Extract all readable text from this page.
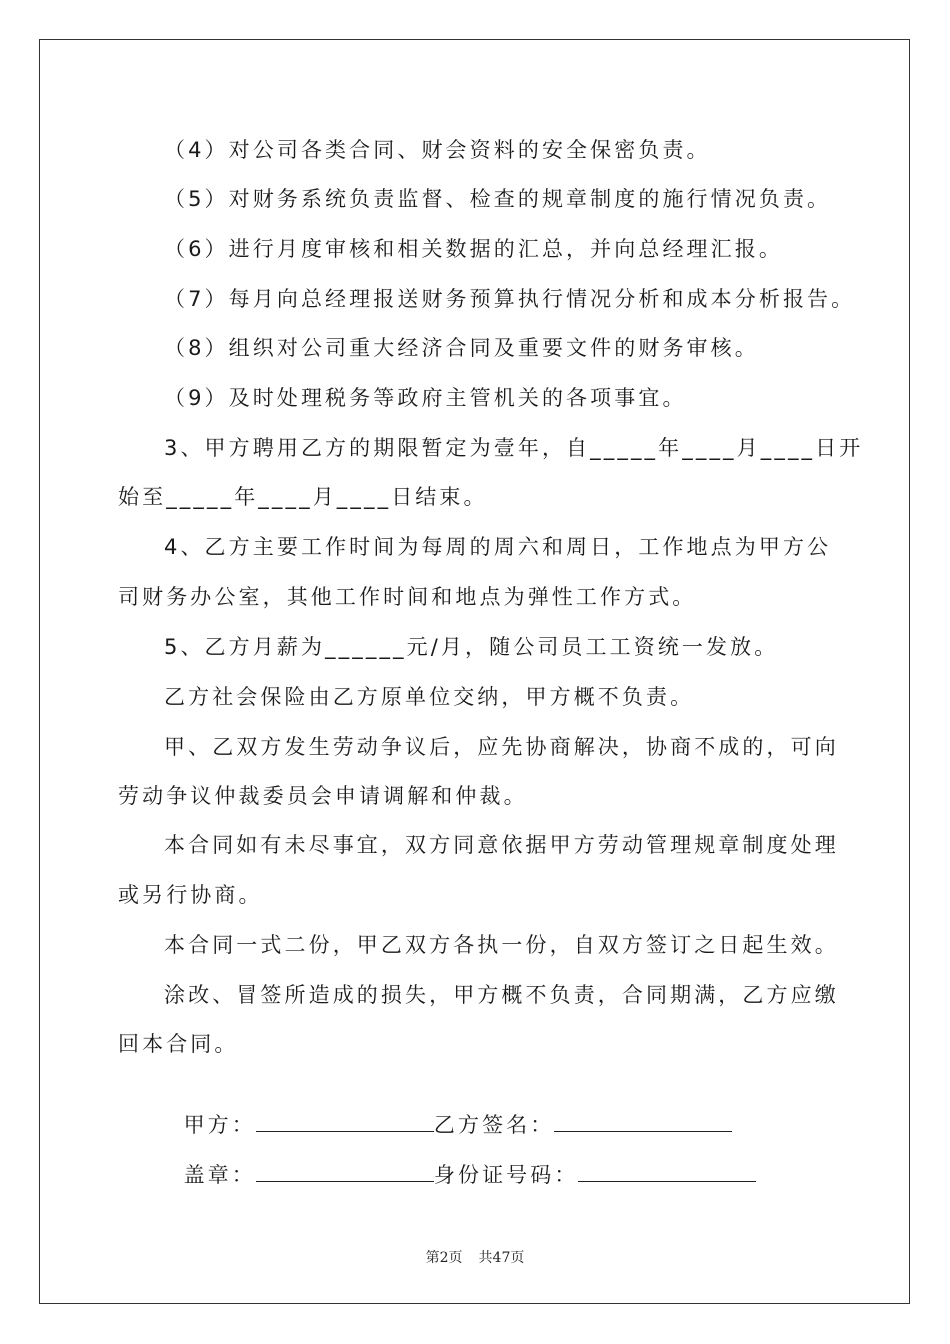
（4）对公司各类合同、财会资料的安全保密负责。
（5）对财务系统负责监督、检查的规章制度的施行情况负责。
（6）进行月度审核和相关数据的汇总，并向总经理汇报。
（7）每月向总经理报送财务预算执行情况分析和成本分析报告。
（8）组织对公司重大经济合同及重要文件的财务审核。
（9）及时处理税务等政府主管机关的各项事宜。
3、甲方聘用乙方的期限暂定为壹年，自_____年____月____日开
始至_____年____月____日结束。
4、乙方主要工作时间为每周的周六和周日，工作地点为甲方公
司财务办公室，其他工作时间和地点为弹性工作方式。
5、乙方月薪为______元/月，随公司员工工资统一发放。
乙方社会保险由乙方原单位交纳，甲方概不负责。
甲、乙双方发生劳动争议后，应先协商解决，协商不成的，可向
劳动争议仲裁委员会申请调解和仲裁。
本合同如有未尽事宜，双方同意依据甲方劳动管理规章制度处理
或另行协商。
本合同一式二份，甲乙双方各执一份，自双方签订之日起生效。
涂改、冒签所造成的损失，甲方概不负责，合同期满，乙方应缴
回本合同。

甲方：	乙方签名：

盖章：	身份证号码：

第2页 共47页
